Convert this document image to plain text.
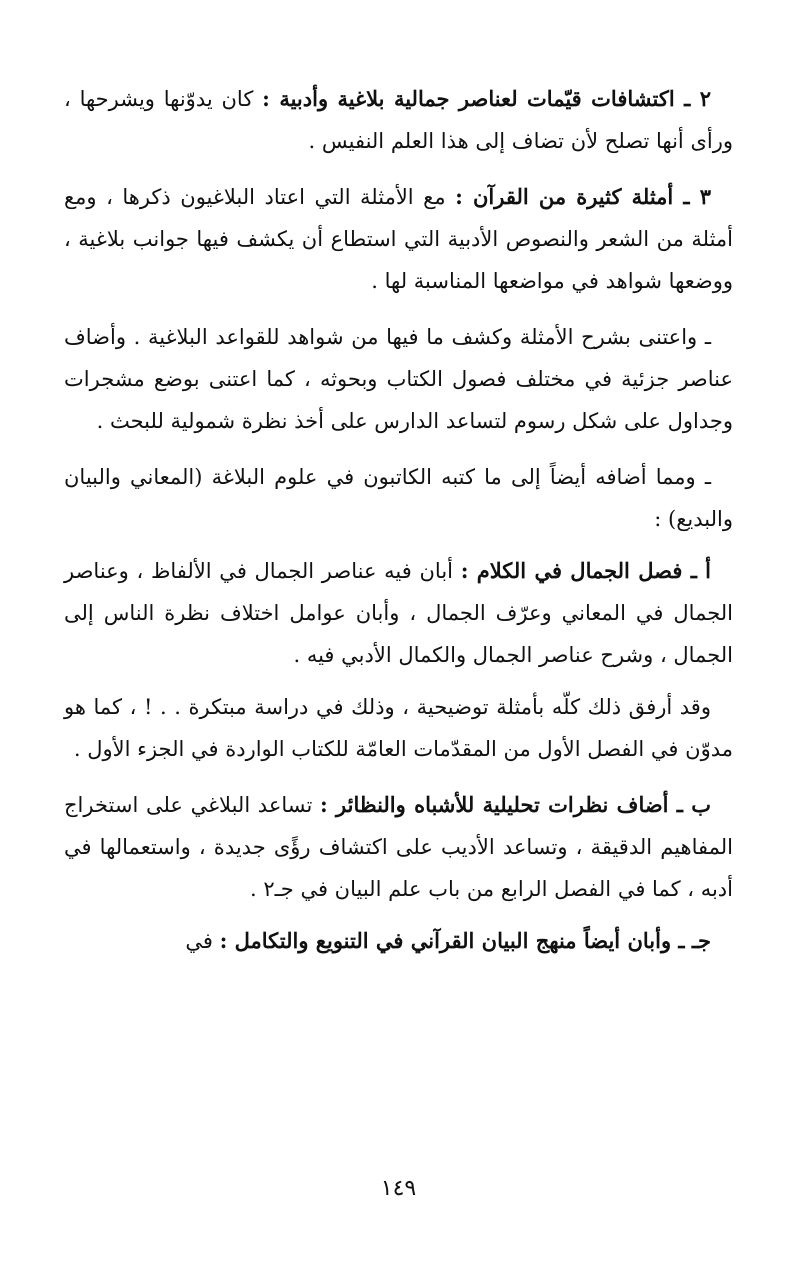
٢ ـ اكتشافات قيّمات لعناصر جمالية بلاغية وأدبية : كان يدوّنها ويشرحها ، ورأى أنها تصلح لأن تضاف إلى هذا العلم النفيس .

٣ ـ أمثلة كثيرة من القرآن : مع الأمثلة التي اعتاد البلاغيون ذكرها ، ومع أمثلة من الشعر والنصوص الأدبية التي استطاع أن يكشف فيها جوانب بلاغية ، ووضعها شواهد في مواضعها المناسبة لها .

ـ واعتنى بشرح الأمثلة وكشف ما فيها من شواهد للقواعد البلاغية . وأضاف عناصر جزئية في مختلف فصول الكتاب وبحوثه ، كما اعتنى بوضع مشجرات وجداول على شكل رسوم لتساعد الدارس على أخذ نظرة شمولية للبحث .

ـ ومما أضافه أيضاً إلى ما كتبه الكاتبون في علوم البلاغة (المعاني والبيان والبديع) :

أ ـ فصل الجمال في الكلام : أبان فيه عناصر الجمال في الألفاظ ، وعناصر الجمال في المعاني وعرّف الجمال ، وأبان عوامل اختلاف نظرة الناس إلى الجمال ، وشرح عناصر الجمال والكمال الأدبي فيه .

وقد أرفق ذلك كلّه بأمثلة توضيحية ، وذلك في دراسة مبتكرة . . ! ، كما هو مدوّن في الفصل الأول من المقدّمات العامّة للكتاب الواردة في الجزء الأول .

ب ـ أضاف نظرات تحليلية للأشباه والنظائر : تساعد البلاغي على استخراج المفاهيم الدقيقة ، وتساعد الأديب على اكتشاف رؤًى جديدة ، واستعمالها في أدبه ، كما في الفصل الرابع من باب علم البيان في جـ٢ .

جـ ـ وأبان أيضاً منهج البيان القرآني في التنويع والتكامل : في

١٤٩
